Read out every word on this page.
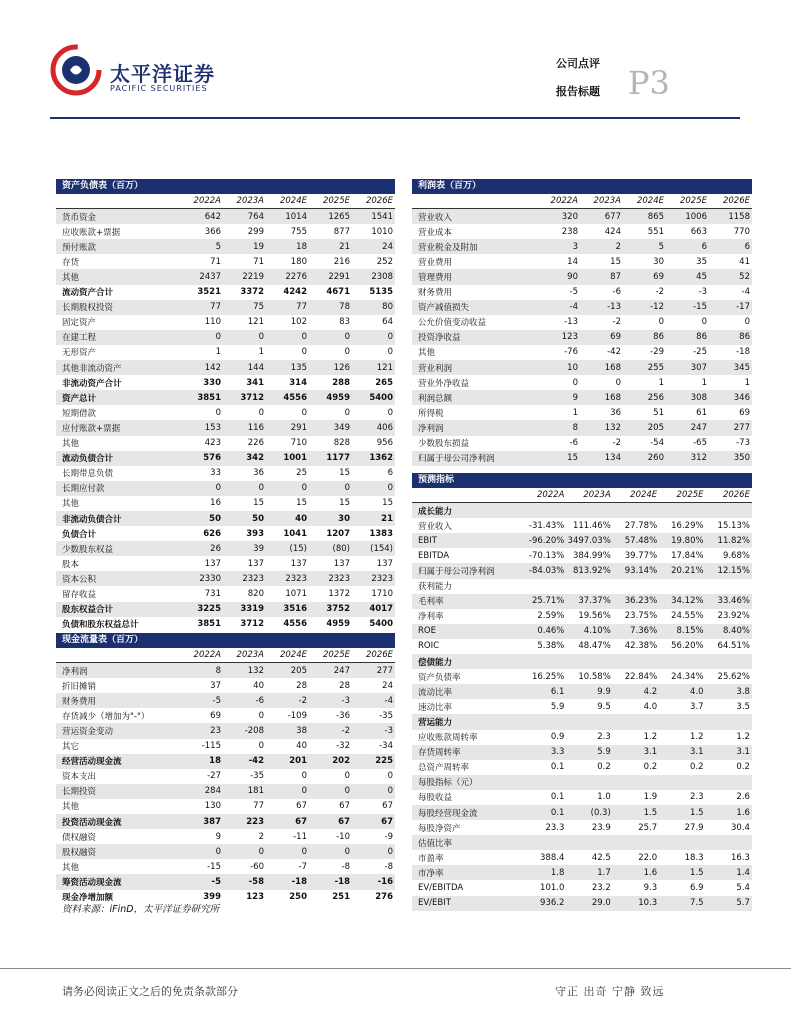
太平洋证券
PACIFIC SECURITIES
公司点评
报告标题 P3
资产负债表（百万）
2022A	2023A	2024E	2025E	2026E
货币资金	642	764	1014	1265	1541
应收账款+票据	366	299	755	877	1010
预付账款	5	19	18	21	24
存货	71	71	180	216	252
其他	2437	2219	2276	2291	2308
流动资产合计	3521	3372	4242	4671	5135
长期股权投资	77	75	77	78	80
固定资产	110	121	102	83	64
在建工程	0	0	0	0	0
无形资产	1	1	0	0	0
其他非流动资产	142	144	135	126	121
非流动资产合计	330	341	314	288	265
资产总计	3851	3712	4556	4959	5400
短期借款	0	0	0	0	0
应付账款+票据	153	116	291	349	406
其他	423	226	710	828	956
流动负债合计	576	342	1001	1177	1362
长期带息负债	33	36	25	15	6
长期应付款	0	0	0	0	0
其他	16	15	15	15	15
非流动负债合计	50	50	40	30	21
负债合计	626	393	1041	1207	1383
少数股东权益	26	39	(15)	(80)	(154)
股本	137	137	137	137	137
资本公积	2330	2323	2323	2323	2323
留存收益	731	820	1071	1372	1710
股东权益合计	3225	3319	3516	3752	4017
负债和股东权益总计	3851	3712	4556	4959	5400
现金流量表（百万）
2022A	2023A	2024E	2025E	2026E
净利润	8	132	205	247	277
折旧摊销	37	40	28	28	24
财务费用	-5	-6	-2	-3	-4
存货减少（增加为"-"）	69	0	-109	-36	-35
营运资金变动	23	-208	38	-2	-3
其它	-115	0	40	-32	-34
经营活动现金流	18	-42	201	202	225
资本支出	-27	-35	0	0	0
长期投资	284	181	0	0	0
其他	130	77	67	67	67
投资活动现金流	387	223	67	67	67
债权融资	9	2	-11	-10	-9
股权融资	0	0	0	0	0
其他	-15	-60	-7	-8	-8
筹资活动现金流	-5	-58	-18	-18	-16
现金净增加额	399	123	250	251	276
利润表（百万）
2022A	2023A	2024E	2025E	2026E
营业收入	320	677	865	1006	1158
营业成本	238	424	551	663	770
营业税金及附加	3	2	5	6	6
营业费用	14	15	30	35	41
管理费用	90	87	69	45	52
财务费用	-5	-6	-2	-3	-4
资产减值损失	-4	-13	-12	-15	-17
公允价值变动收益	-13	-2	0	0	0
投资净收益	123	69	86	86	86
其他	-76	-42	-29	-25	-18
营业利润	10	168	255	307	345
营业外净收益	0	0	1	1	1
利润总额	9	168	256	308	346
所得税	1	36	51	61	69
净利润	8	132	205	247	277
少数股东损益	-6	-2	-54	-65	-73
归属于母公司净利润	15	134	260	312	350
预测指标
2022A	2023A	2024E	2025E	2026E
成长能力
营业收入	-31.43%	111.46%	27.78%	16.29%	15.13%
EBIT	-96.20% 3497.03%	57.48%	19.80%	11.82%
EBITDA	-70.13%	384.99%	39.77%	17.84%	9.68%
归属于母公司净利润	-84.03%	813.92%	93.14%	20.21%	12.15%
获利能力
毛利率	25.71%	37.37%	36.23%	34.12%	33.46%
净利率	2.59%	19.56%	23.75%	24.55%	23.92%
ROE	0.46%	4.10%	7.36%	8.15%	8.40%
ROIC	5.38%	48.47%	42.38%	56.20%	64.51%
偿债能力
资产负债率	16.25%	10.58%	22.84%	24.34%	25.62%
流动比率	6.1	9.9	4.2	4.0	3.8
速动比率	5.9	9.5	4.0	3.7	3.5
营运能力
应收账款周转率	0.9	2.3	1.2	1.2	1.2
存货周转率	3.3	5.9	3.1	3.1	3.1
总资产周转率	0.1	0.2	0.2	0.2	0.2
每股指标（元）
每股收益	0.1	1.0	1.9	2.3	2.6
每股经营现金流	0.1	(0.3)	1.5	1.5	1.6
每股净资产	23.3	23.9	25.7	27.9	30.4
估值比率
市盈率	388.4	42.5	22.0	18.3	16.3
市净率	1.8	1.7	1.6	1.5	1.4
EV/EBITDA	101.0	23.2	9.3	6.9	5.4
EV/EBIT	936.2	29.0	10.3	7.5	5.7
资料来源：iFinD，太平洋证券研究所
请务必阅读正文之后的免责条款部分	守正 出奇 宁静 致远
